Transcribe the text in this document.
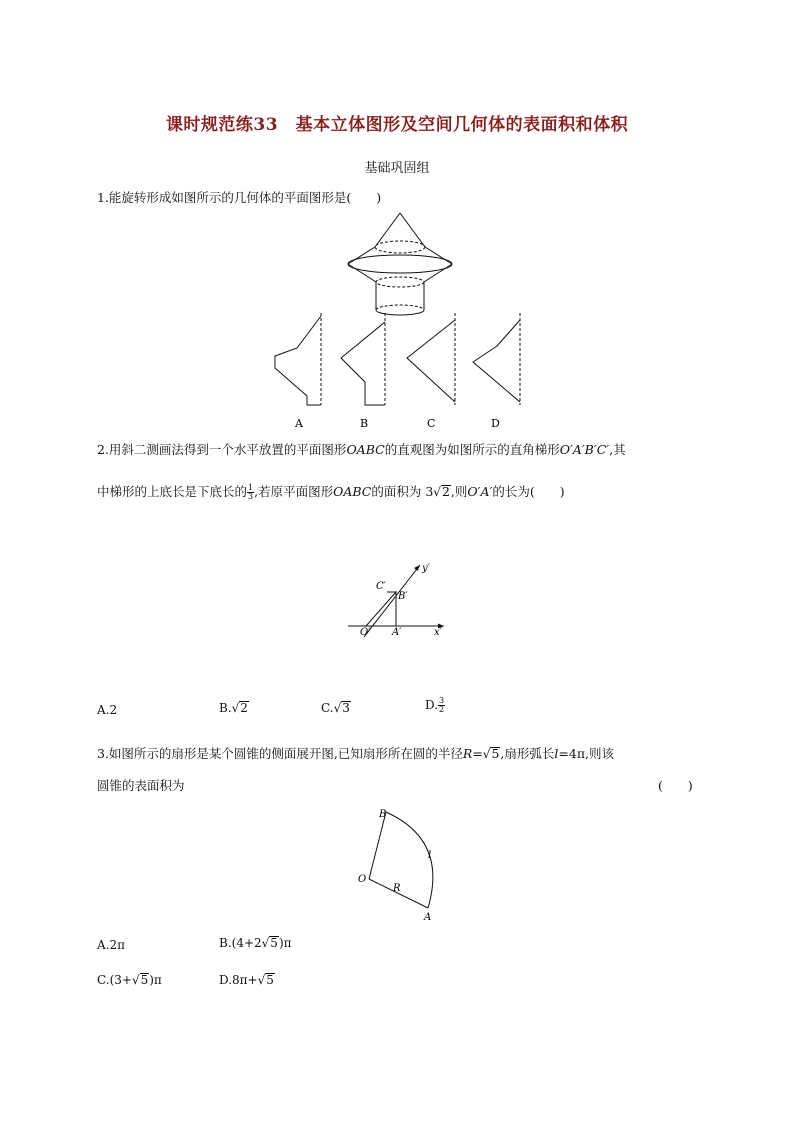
课时规范练33　基本立体图形及空间几何体的表面积和体积
基础巩固组
1.能旋转形成如图所示的几何体的平面图形是(　　)
A	B	C	D
2.用斜二测画法得到一个水平放置的平面图形OABC的直观图为如图所示的直角梯形O′A′B′C′,其
中梯形的上底长是下底长的 $\frac{1}{3}$ ,若原平面图形OABC的面积为 3√2,则O′A′的长为(　　)
C′
B′
O′ A′	x′
y′
A.2	B.√2	C.√3	D. $\frac{3}{2}$
3.如图所示的扇形是某个圆锥的侧面展开图,已知扇形所在圆的半径R=√5,扇形弧长l=4π,则该
圆锥的表面积为	(　　)
B
l
O
R
A
A.2π	B.(4+2√5)π
C.(3+√5)π	D.8π+√5
